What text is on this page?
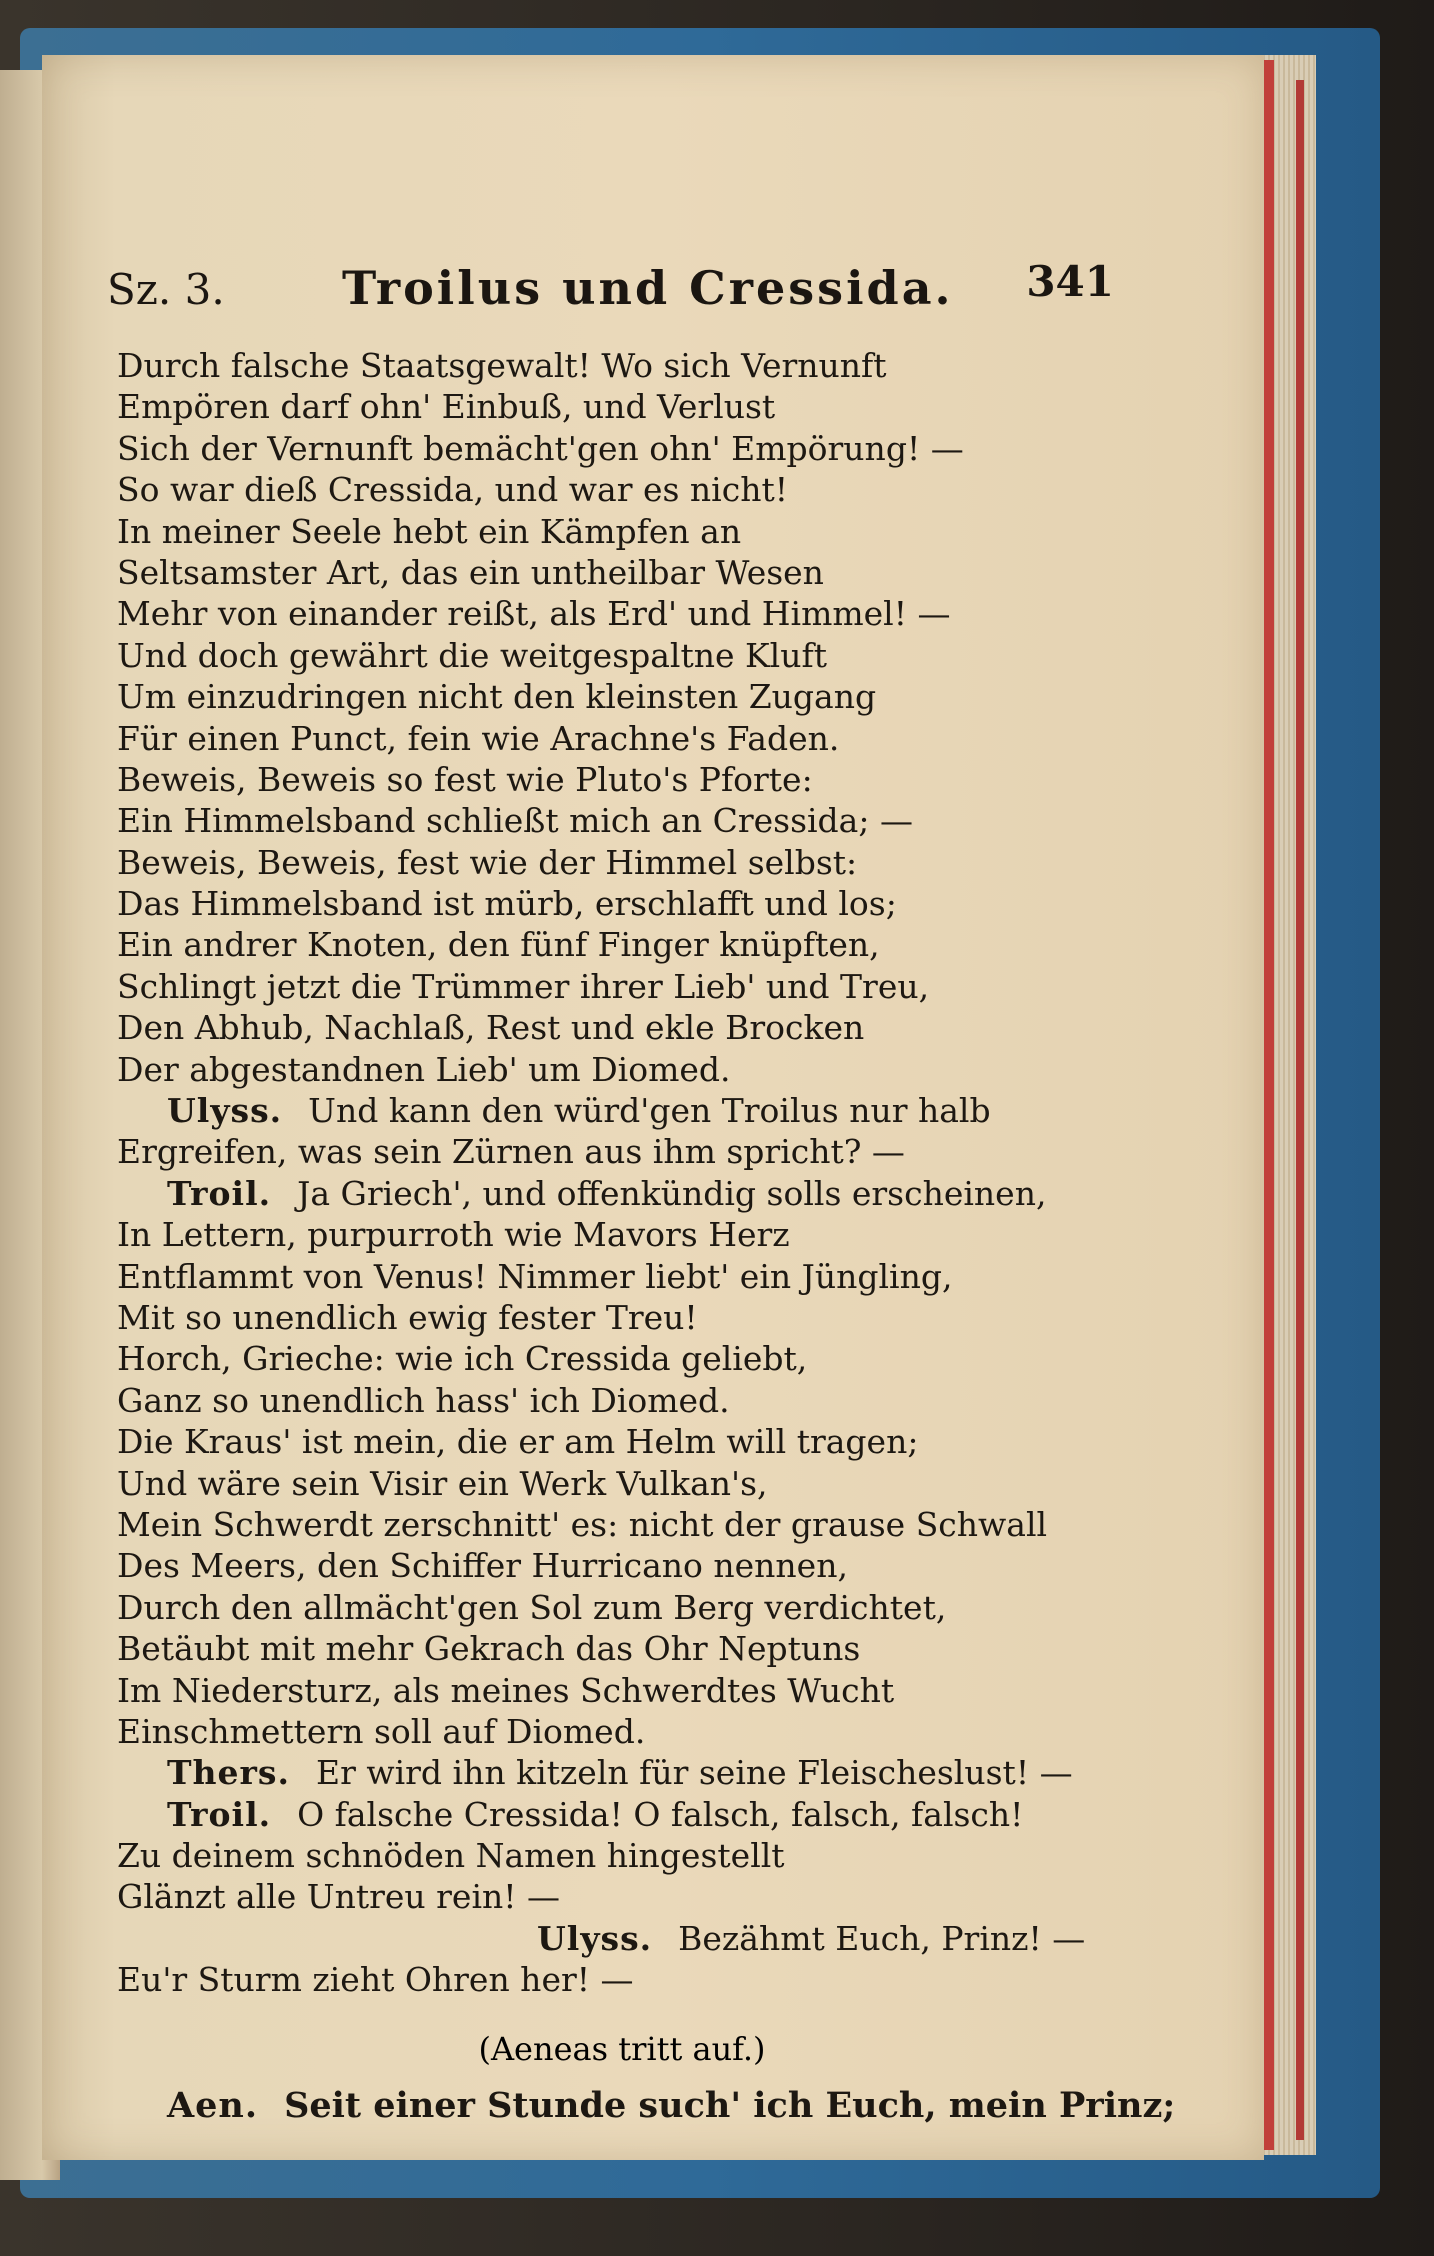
Sz. 3.	Troilus und Cressida. 341
Durch falsche Staatsgewalt! Wo sich Vernunft
Empören darf ohn' Einbuß, und Verlust
Sich der Vernunft bemächt'gen ohn' Empörung! —
So war dieß Cressida, und war es nicht!
In meiner Seele hebt ein Kämpfen an
Seltsamster Art, das ein untheilbar Wesen
Mehr von einander reißt, als Erd' und Himmel! —
Und doch gewährt die weitgespaltne Kluft
Um einzudringen nicht den kleinsten Zugang
Für einen Punct, fein wie Arachne's Faden.
Beweis, Beweis so fest wie Pluto's Pforte:
Ein Himmelsband schließt mich an Cressida; —
Beweis, Beweis, fest wie der Himmel selbst:
Das Himmelsband ist mürb, erschlafft und los;
Ein andrer Knoten, den fünf Finger knüpften,
Schlingt jetzt die Trümmer ihrer Lieb' und Treu,
Den Abhub, Nachlaß, Rest und ekle Brocken
Der abgestandnen Lieb' um Diomed.
Ulyss. Und kann den würd'gen Troilus nur halb
Ergreifen, was sein Zürnen aus ihm spricht? —
Troil. Ja Griech', und offenkündig solls erscheinen,
In Lettern, purpurroth wie Mavors Herz
Entflammt von Venus! Nimmer liebt' ein Jüngling,
Mit so unendlich ewig fester Treu!
Horch, Grieche: wie ich Cressida geliebt,
Ganz so unendlich hass' ich Diomed.
Die Kraus' ist mein, die er am Helm will tragen;
Und wäre sein Visir ein Werk Vulkan's,
Mein Schwerdt zerschnitt' es: nicht der grause Schwall
Des Meers, den Schiffer Hurricano nennen,
Durch den allmächt'gen Sol zum Berg verdichtet,
Betäubt mit mehr Gekrach das Ohr Neptuns
Im Niedersturz, als meines Schwerdtes Wucht
Einschmettern soll auf Diomed.
Thers. Er wird ihn kitzeln für seine Fleischeslust! —
Troil. O falsche Cressida! O falsch, falsch, falsch!
Zu deinem schnöden Namen hingestellt
Glänzt alle Untreu rein! —
Ulyss. Bezähmt Euch, Prinz! —
Eu'r Sturm zieht Ohren her! —
(Aeneas tritt auf.)
Aen. Seit einer Stunde such' ich Euch, mein Prinz;
